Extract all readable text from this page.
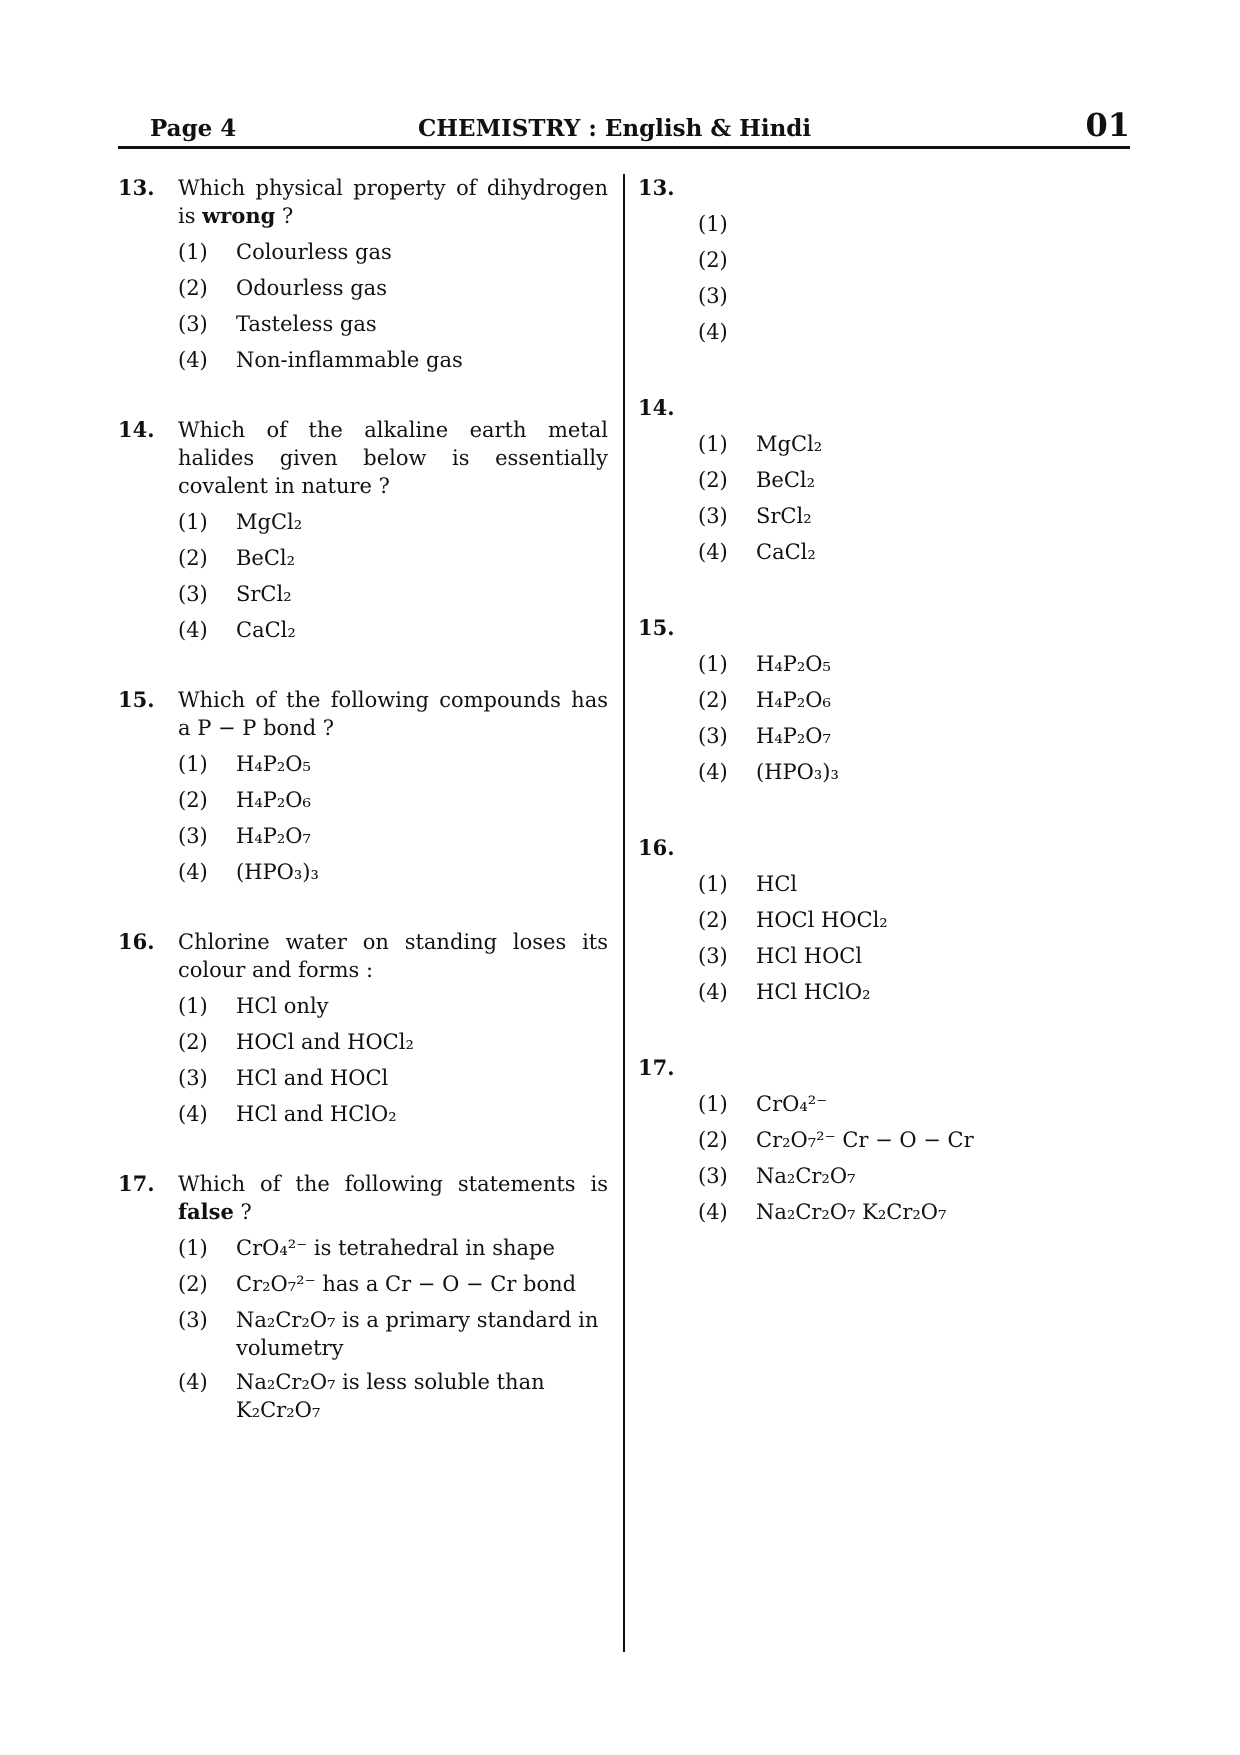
Page 4	CHEMISTRY : English & Hindi	01
13. Which physical property of dihydrogen is wrong ?
(1) Colourless gas
(2) Odourless gas
(3) Tasteless gas
(4) Non-inflammable gas
14. Which of the alkaline earth metal halides given below is essentially covalent in nature ?
(1) MgCl₂
(2) BeCl₂
(3) SrCl₂
(4) CaCl₂
15. Which of the following compounds has a P − P bond ?
(1) H₄P₂O₅
(2) H₄P₂O₆
(3) H₄P₂O₇
(4) (HPO₃)₃
16. Chlorine water on standing loses its colour and forms :
(1) HCl only
(2) HOCl and HOCl₂
(3) HCl and HOCl
(4) HCl and HClO₂
17. Which of the following statements is false ?
(1) CrO₄²⁻ is tetrahedral in shape
(2) Cr₂O₇²⁻ has a Cr − O − Cr bond
(3) Na₂Cr₂O₇ is a primary standard in volumetry
(4) Na₂Cr₂O₇ is less soluble than K₂Cr₂O₇
13.
(1)
(2)
(3)
(4)
14.
(1) MgCl₂
(2) BeCl₂
(3) SrCl₂
(4) CaCl₂
15.
(1) H₄P₂O₅
(2) H₄P₂O₆
(3) H₄P₂O₇
(4) (HPO₃)₃
16.
(1) HCl
(2) HOCl HOCl₂
(3) HCl HOCl
(4) HCl HClO₂
17.
(1) CrO₄²⁻
(2) Cr₂O₇²⁻ Cr − O − Cr
(3) Na₂Cr₂O₇
(4) Na₂Cr₂O₇ K₂Cr₂O₇
